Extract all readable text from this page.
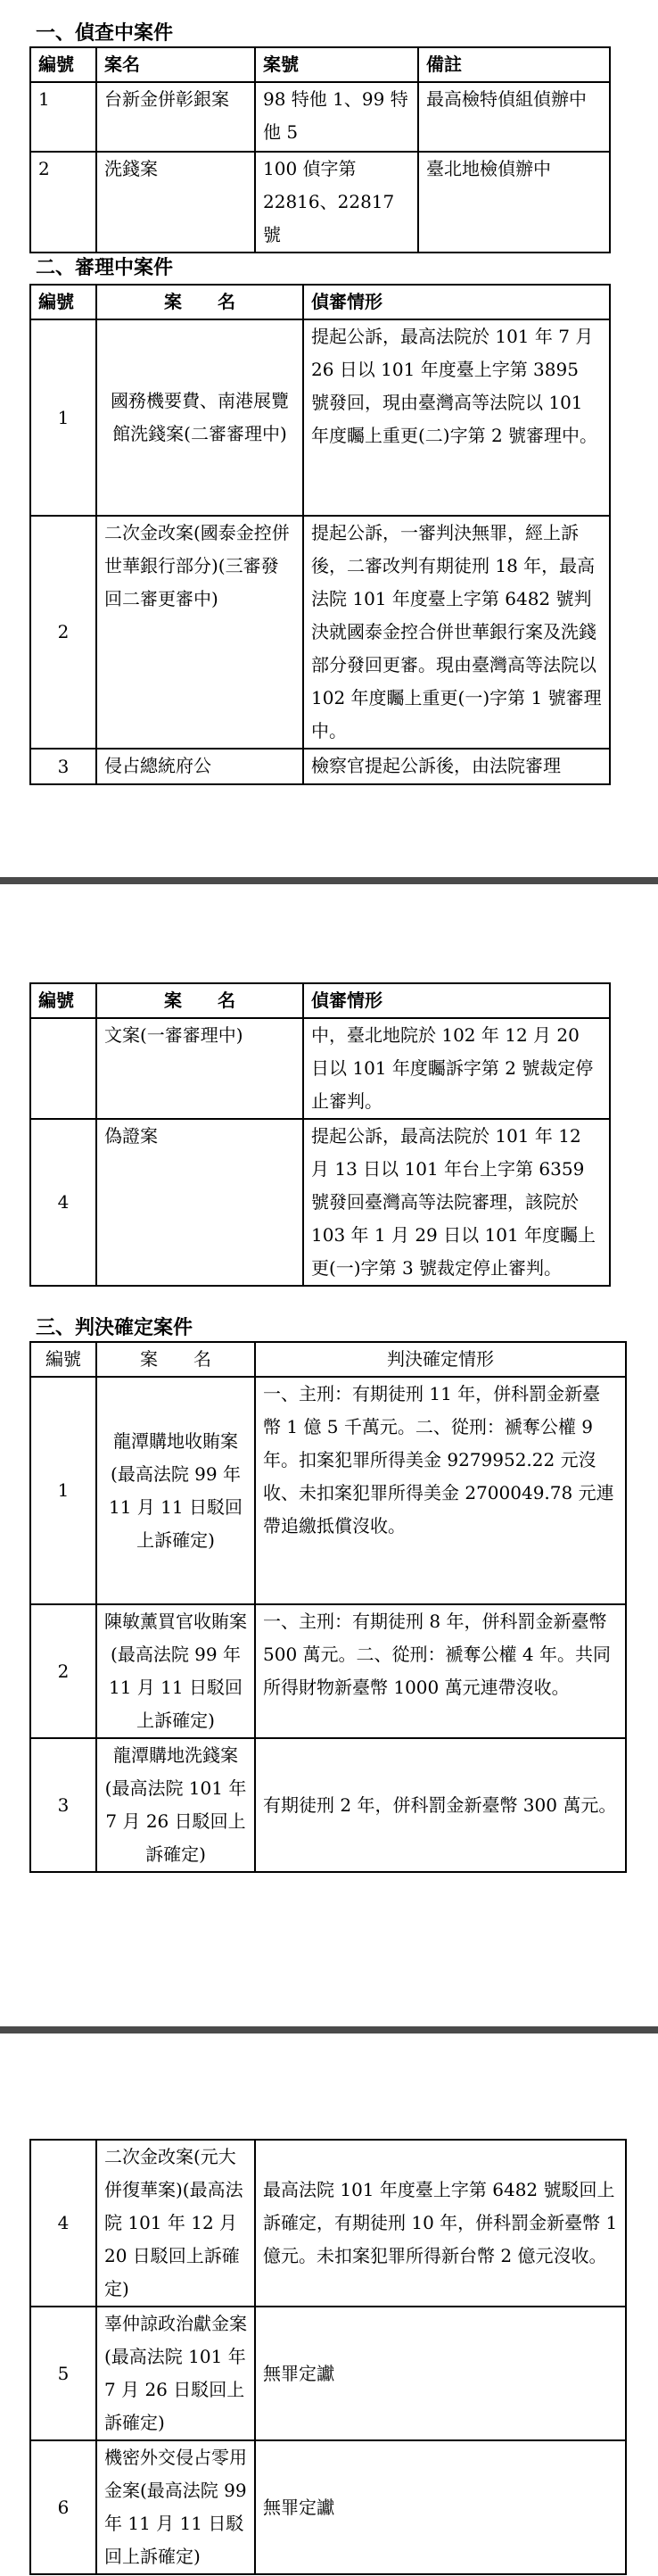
一、偵查中案件
編號	案名	案號	備註
1	台新金併彰銀案	98 特他 1、99 特他 5	最高檢特偵組偵辦中
2	洗錢案	100 偵字第 22816、22817 號	臺北地檢偵辦中
二、審理中案件
編號	案　　名	偵審情形
1	國務機要費、南港展覽館洗錢案(二審審理中)	提起公訴，最高法院於 101 年 7 月 26 日以 101 年度臺上字第 3895 號發回，現由臺灣高等法院以 101 年度矚上重更(二)字第 2 號審理中。
2	二次金改案(國泰金控併世華銀行部分)(三審發回二審更審中)	提起公訴，一審判決無罪，經上訴後，二審改判有期徒刑 18 年，最高法院 101 年度臺上字第 6482 號判決就國泰金控合併世華銀行案及洗錢部分發回更審。現由臺灣高等法院以 102 年度矚上重更(一)字第 1 號審理中。
3	侵占總統府公	檢察官提起公訴後，由法院審理
編號	案　　名	偵審情形
	文案(一審審理中)	中，臺北地院於 102 年 12 月 20 日以 101 年度矚訴字第 2 號裁定停止審判。
4	偽證案	提起公訴，最高法院於 101 年 12 月 13 日以 101 年台上字第 6359 號發回臺灣高等法院審理，該院於 103 年 1 月 29 日以 101 年度矚上更(一)字第 3 號裁定停止審判。
三、判決確定案件
編號	案　　名	判決確定情形
1	龍潭購地收賄案(最高法院 99 年 11 月 11 日駁回上訴確定)	一、主刑：有期徒刑 11 年，併科罰金新臺幣 1 億 5 千萬元。二、從刑：褫奪公權 9 年。扣案犯罪所得美金 9279952.22 元沒收、未扣案犯罪所得美金 2700049.78 元連帶追繳抵償沒收。
2	陳敏薰買官收賄案(最高法院 99 年 11 月 11 日駁回上訴確定)	一、主刑：有期徒刑 8 年，併科罰金新臺幣 500 萬元。二、從刑：褫奪公權 4 年。共同所得財物新臺幣 1000 萬元連帶沒收。
3	龍潭購地洗錢案(最高法院 101 年 7 月 26 日駁回上訴確定)	有期徒刑 2 年，併科罰金新臺幣 300 萬元。
4	二次金改案(元大併復華案)(最高法院 101 年 12 月 20 日駁回上訴確定)	最高法院 101 年度臺上字第 6482 號駁回上訴確定，有期徒刑 10 年，併科罰金新臺幣 1 億元。未扣案犯罪所得新台幣 2 億元沒收。
5	辜仲諒政治獻金案(最高法院 101 年 7 月 26 日駁回上訴確定)	無罪定讞
6	機密外交侵占零用金案(最高法院 99 年 11 月 11 日駁回上訴確定)	無罪定讞
